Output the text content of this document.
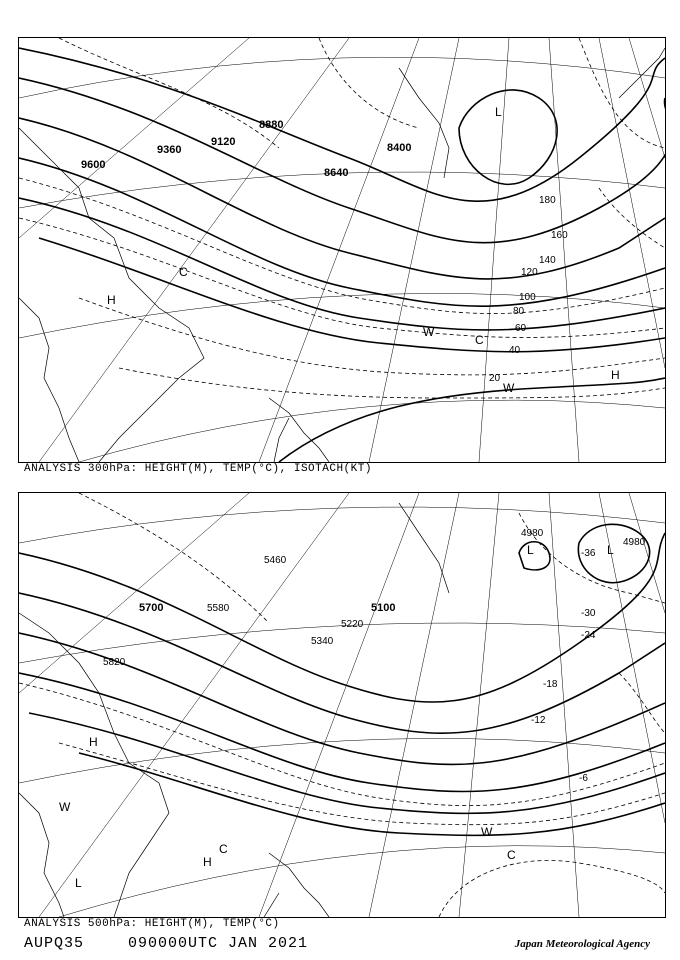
8400
8640
8880
9120
9360
9600
20
40
60
80
100
120
140
160
180
H
L
H
C
W
C
W
ANALYSIS 300hPa: HEIGHT(M), TEMP(°C), ISOTACH(KT)
4980
4980
5100
5220
5340
5460
5580
5700
5820
-36
-30
-24
-18
-12
-6
L	L
H
H
L
W
C	C
W
ANALYSIS 500hPa: HEIGHT(M), TEMP(°C)
AUPQ35	090000UTC JAN 2021	Japan Meteorological Agency
